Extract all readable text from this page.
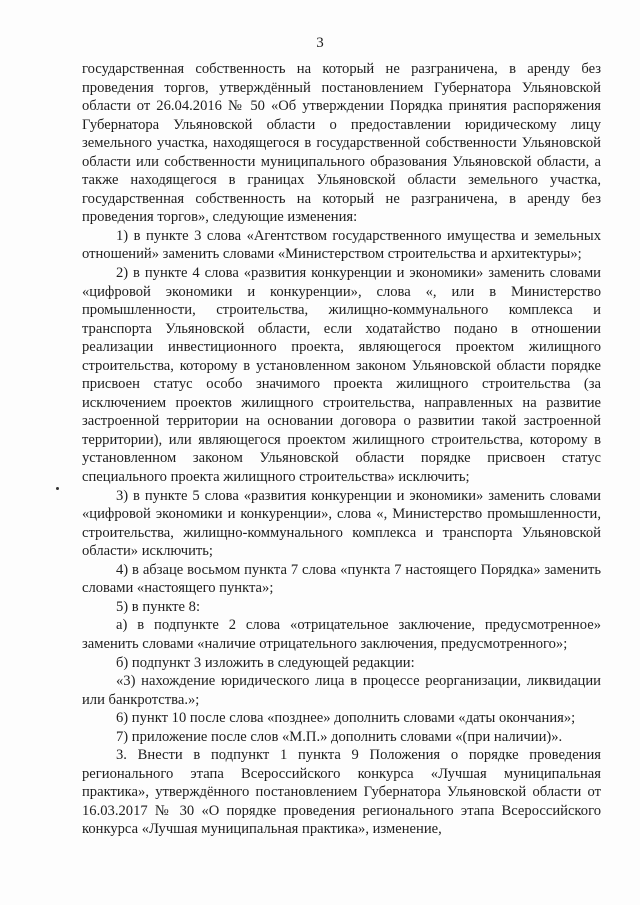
3

государственная собственность на который не разграничена, в аренду без проведения торгов, утверждённый постановлением Губернатора Ульяновской области от 26.04.2016 № 50 «Об утверждении Порядка принятия распоряжения Губернатора Ульяновской области о предоставлении юридическому лицу земельного участка, находящегося в государственной собственности Ульяновской области или собственности муниципального образования Ульяновской области, а также находящегося в границах Ульяновской области земельного участка, государственная собственность на который не разграничена, в аренду без проведения торгов», следующие изменения:

1) в пункте 3 слова «Агентством государственного имущества и земельных отношений» заменить словами «Министерством строительства и архитектуры»;

2) в пункте 4 слова «развития конкуренции и экономики» заменить словами «цифровой экономики и конкуренции», слова «, или в Министерство промышленности, строительства, жилищно-коммунального комплекса и транспорта Ульяновской области, если ходатайство подано в отношении реализации инвестиционного проекта, являющегося проектом жилищного строительства, которому в установленном законом Ульяновской области порядке присвоен статус особо значимого проекта жилищного строительства (за исключением проектов жилищного строительства, направленных на развитие застроенной территории на основании договора о развитии такой застроенной территории), или являющегося проектом жилищного строительства, которому в установленном законом Ульяновской области порядке присвоен статус специального проекта жилищного строительства» исключить;

3) в пункте 5 слова «развития конкуренции и экономики» заменить словами «цифровой экономики и конкуренции», слова «, Министерство промышленности, строительства, жилищно-коммунального комплекса и транспорта Ульяновской области» исключить;

4) в абзаце восьмом пункта 7 слова «пункта 7 настоящего Порядка» заменить словами «настоящего пункта»;

5) в пункте 8:

а) в подпункте 2 слова «отрицательное заключение, предусмотренное» заменить словами «наличие отрицательного заключения, предусмотренного»;

б) подпункт 3 изложить в следующей редакции:

«3) нахождение юридического лица в процессе реорганизации, ликвидации или банкротства.»;

6) пункт 10 после слова «позднее» дополнить словами «даты окончания»;

7) приложение после слов «М.П.» дополнить словами «(при наличии)».

3. Внести в подпункт 1 пункта 9 Положения о порядке проведения регионального этапа Всероссийского конкурса «Лучшая муниципальная практика», утверждённого постановлением Губернатора Ульяновской области от 16.03.2017 № 30 «О порядке проведения регионального этапа Всероссийского конкурса «Лучшая муниципальная практика», изменение,
